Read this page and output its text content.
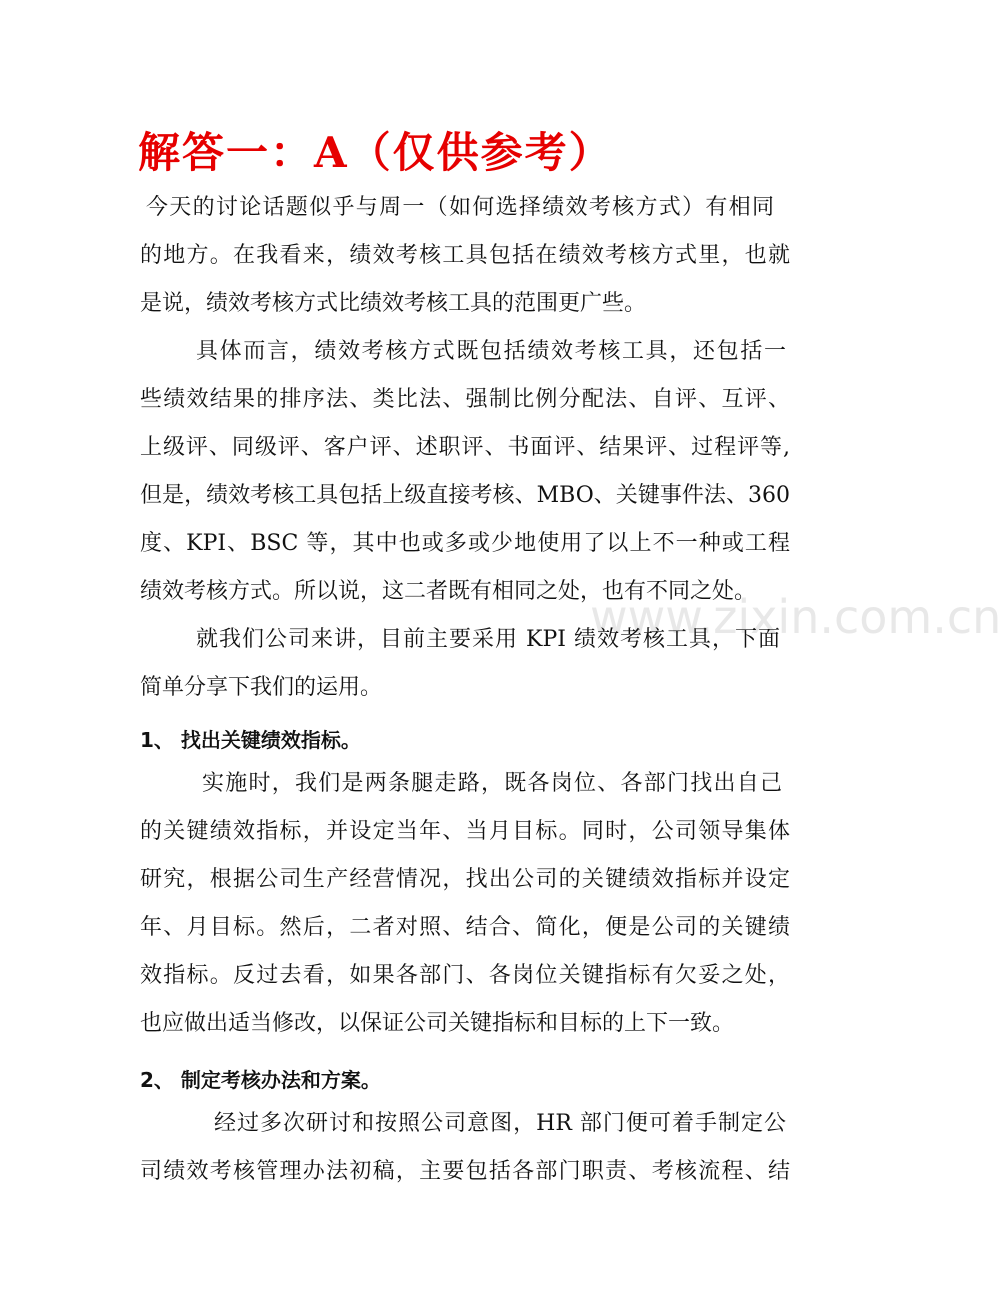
www.zixin.com.cn
解答一：A（仅供参考）
今天的讨论话题似乎与周一（如何选择绩效考核方式）有相同
的地方。在我看来，绩效考核工具包括在绩效考核方式里，也就
是说，绩效考核方式比绩效考核工具的范围更广些。
具体而言，绩效考核方式既包括绩效考核工具，还包括一
些绩效结果的排序法、类比法、强制比例分配法、自评、互评、
上级评、同级评、客户评、述职评、书面评、结果评、过程评等,
但是，绩效考核工具包括上级直接考核、MBO、关键事件法、360
度、KPI、BSC 等，其中也或多或少地使用了以上不一种或工程
绩效考核方式。所以说，这二者既有相同之处，也有不同之处。
就我们公司来讲，目前主要采用 KPI 绩效考核工具，下面
简单分享下我们的运用。
1、 找出关键绩效指标。
实施时，我们是两条腿走路，既各岗位、各部门找出自己
的关键绩效指标，并设定当年、当月目标。同时，公司领导集体
研究，根据公司生产经营情况，找出公司的关键绩效指标并设定
年、月目标。然后，二者对照、结合、简化，便是公司的关键绩
效指标。反过去看，如果各部门、各岗位关键指标有欠妥之处，
也应做出适当修改，以保证公司关键指标和目标的上下一致。
2、 制定考核办法和方案。
经过多次研讨和按照公司意图，HR 部门便可着手制定公
司绩效考核管理办法初稿，主要包括各部门职责、考核流程、结
